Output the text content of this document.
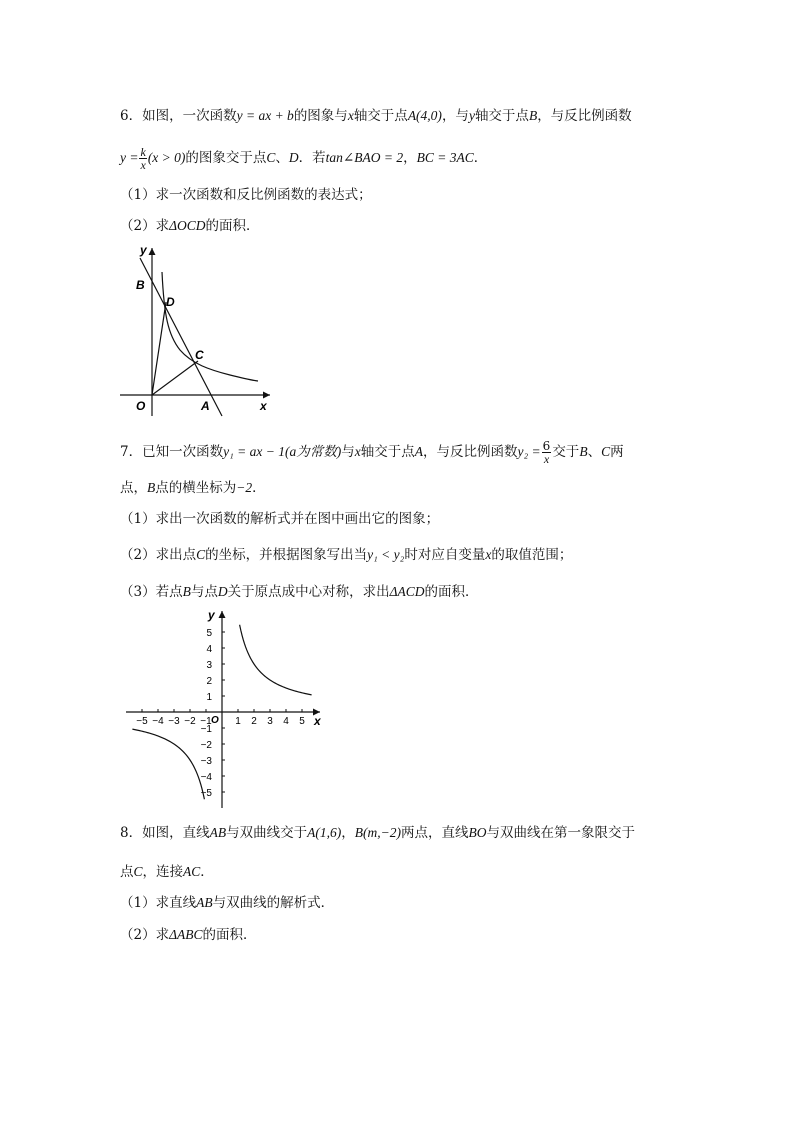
6．如图，一次函数y = ax + b的图象与x轴交于点A(4,0)，与y轴交于点B，与反比例函数
$y = \frac{k}{x} (x > 0)$的图象交于点C、D．若tan∠BAO = 2，BC = 3AC．
（1）求一次函数和反比例函数的表达式；
（2）求ΔOCD的面积．
y
B
D
C
O	A	x
7．已知一次函数y₁ = ax − 1(a为常数)与x轴交于点A，与反比例函数$y_2 = \frac{6}{x}$ 交于B、C两
点，B点的横坐标为−2．
（1）求出一次函数的解析式并在图中画出它的图象；
（2）求出点C的坐标，并根据图象写出当y₁ < y₂时对应自变量x的取值范围；
（3）若点B与点D关于原点成中心对称，求出ΔACD的面积．
−5 −4 −3 −2 −1 1 2 3 4 5
5
4
3
2
1
−1
−2
−3
−4
−5
y
x
O
8．如图，直线AB与双曲线交于A(1,6)，B(m,−2)两点，直线BO与双曲线在第一象限交于
点C，连接AC．
（1）求直线AB与双曲线的解析式．
（2）求ΔABC的面积．
